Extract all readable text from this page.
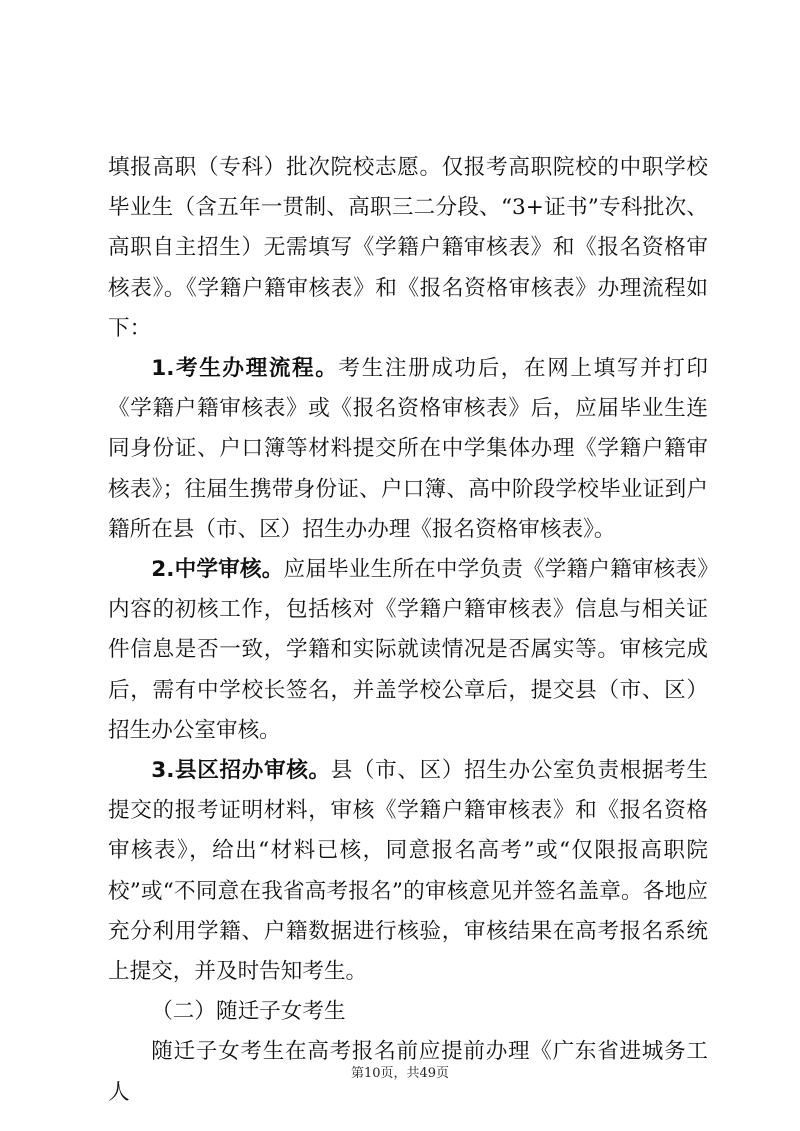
填报高职（专科）批次院校志愿。仅报考高职院校的中职学校毕业生（含五年一贯制、高职三二分段、“3+证书”专科批次、高职自主招生）无需填写《学籍户籍审核表》和《报名资格审核表》。《学籍户籍审核表》和《报名资格审核表》办理流程如下：

1.考生办理流程。考生注册成功后，在网上填写并打印《学籍户籍审核表》或《报名资格审核表》后，应届毕业生连同身份证、户口簿等材料提交所在中学集体办理《学籍户籍审核表》；往届生携带身份证、户口簿、高中阶段学校毕业证到户籍所在县（市、区）招生办办理《报名资格审核表》。

2.中学审核。应届毕业生所在中学负责《学籍户籍审核表》内容的初核工作，包括核对《学籍户籍审核表》信息与相关证件信息是否一致，学籍和实际就读情况是否属实等。审核完成后，需有中学校长签名，并盖学校公章后，提交县（市、区）招生办公室审核。

3.县区招办审核。县（市、区）招生办公室负责根据考生提交的报考证明材料，审核《学籍户籍审核表》和《报名资格审核表》，给出“材料已核，同意报名高考”或“仅限报高职院校”或“不同意在我省高考报名”的审核意见并签名盖章。各地应充分利用学籍、户籍数据进行核验，审核结果在高考报名系统上提交，并及时告知考生。

（二）随迁子女考生

随迁子女考生在高考报名前应提前办理《广东省进城务工人

第10页，共49页
